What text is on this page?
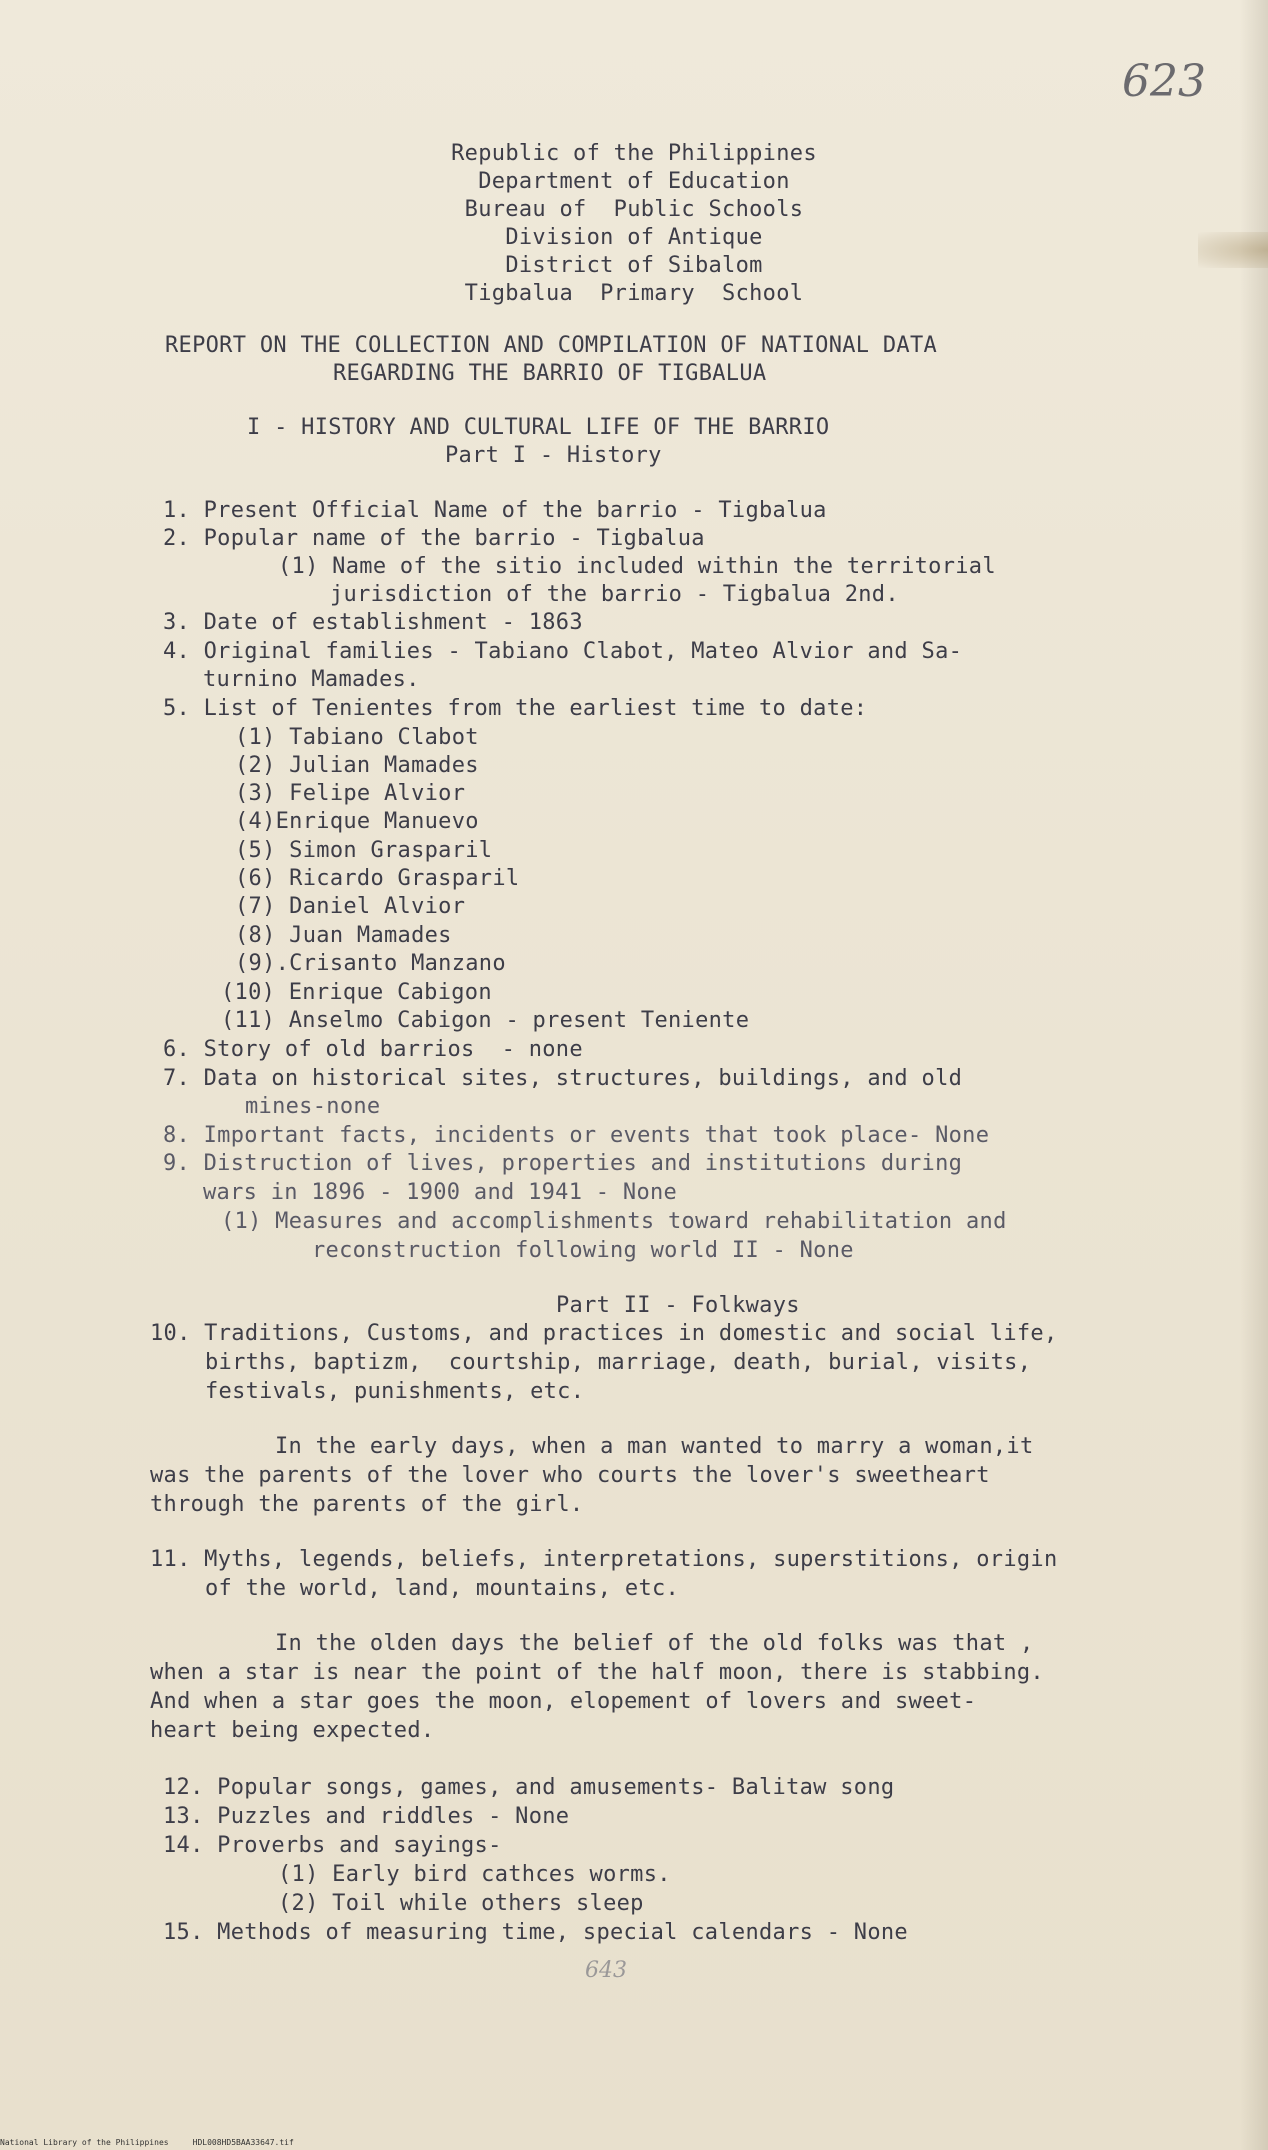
623
Republic of the Philippines
Department of Education
Bureau of  Public Schools
Division of Antique
District of Sibalom
Tigbalua  Primary  School
REPORT ON THE COLLECTION AND COMPILATION OF NATIONAL DATA
REGARDING THE BARRIO OF TIGBALUA
I - HISTORY AND CULTURAL LIFE OF THE BARRIO
Part I - History
1. Present Official Name of the barrio - Tigbalua
2. Popular name of the barrio - Tigbalua
(1) Name of the sitio included within the territorial
jurisdiction of the barrio - Tigbalua 2nd.
3. Date of establishment - 1863
4. Original families - Tabiano Clabot, Mateo Alvior and Sa-
turnino Mamades.
5. List of Tenientes from the earliest time to date:
(1) Tabiano Clabot
(2) Julian Mamades
(3) Felipe Alvior
(4)Enrique Manuevo
(5) Simon Grasparil
(6) Ricardo Grasparil
(7) Daniel Alvior
(8) Juan Mamades
(9).Crisanto Manzano
(10) Enrique Cabigon
(11) Anselmo Cabigon - present Teniente
6. Story of old barrios  - none
7. Data on historical sites, structures, buildings, and old
mines-none
8. Important facts, incidents or events that took place- None
9. Distruction of lives, properties and institutions during
wars in 1896 - 1900 and 1941 - None
(1) Measures and accomplishments toward rehabilitation and
reconstruction following world II - None
Part II - Folkways
10. Traditions, Customs, and practices in domestic and social life,
births, baptizm,  courtship, marriage, death, burial, visits,
festivals, punishments, etc.
In the early days, when a man wanted to marry a woman,it
was the parents of the lover who courts the lover's sweetheart
through the parents of the girl.
11. Myths, legends, beliefs, interpretations, superstitions, origin
of the world, land, mountains, etc.
In the olden days the belief of the old folks was that ,
when a star is near the point of the half moon, there is stabbing.
And when a star goes the moon, elopement of lovers and sweet-
heart being expected.
12. Popular songs, games, and amusements- Balitaw song
13. Puzzles and riddles - None
14. Proverbs and sayings-
(1) Early bird cathces worms.
(2) Toil while others sleep
15. Methods of measuring time, special calendars - None
643
National Library of the Philippines     HDL008HD5BAA33647.tif
